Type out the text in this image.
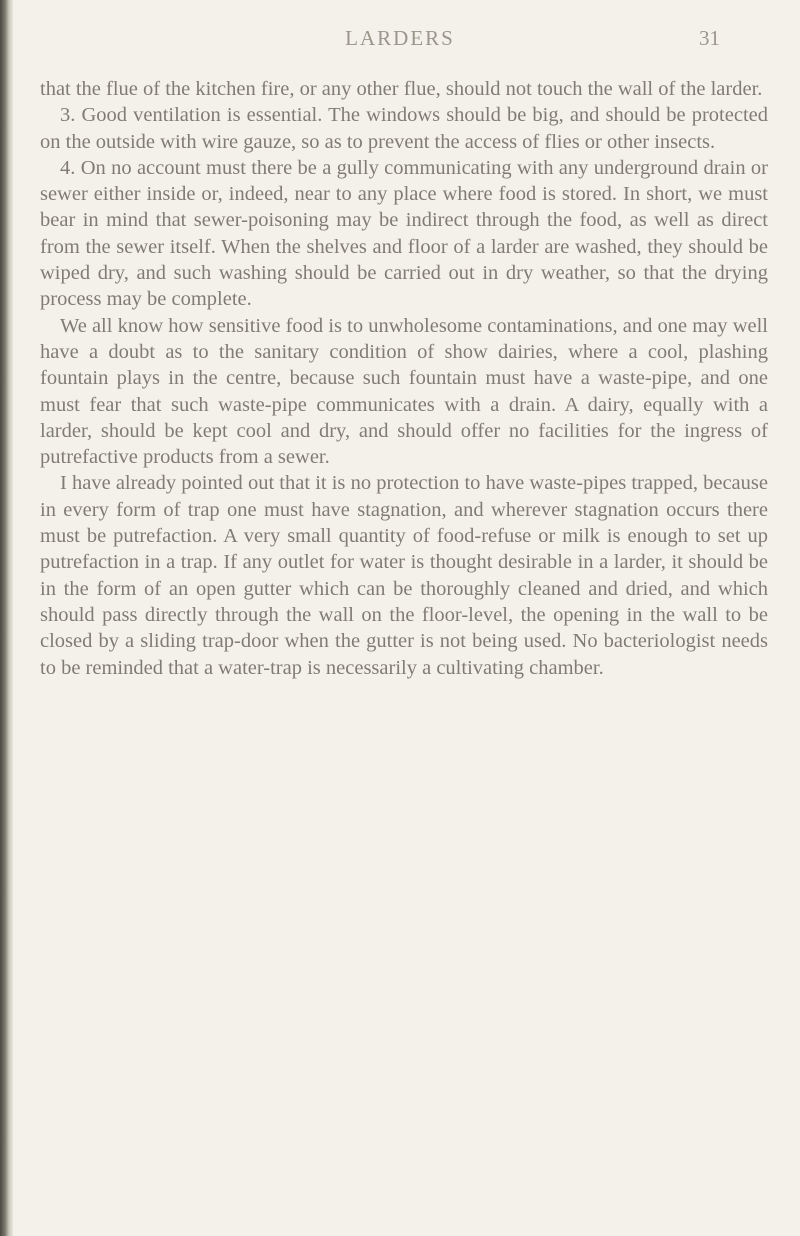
LARDERS	31

that the flue of the kitchen fire, or any other flue, should not touch the wall of the larder.

3. Good ventilation is essential. The windows should be big, and should be protected on the outside with wire gauze, so as to prevent the access of flies or other insects.

4. On no account must there be a gully communicating with any underground drain or sewer either inside or, indeed, near to any place where food is stored. In short, we must bear in mind that sewer-poisoning may be indirect through the food, as well as direct from the sewer itself. When the shelves and floor of a larder are washed, they should be wiped dry, and such washing should be carried out in dry weather, so that the drying process may be complete.

We all know how sensitive food is to unwholesome contaminations, and one may well have a doubt as to the sanitary condition of show dairies, where a cool, plashing fountain plays in the centre, because such fountain must have a waste-pipe, and one must fear that such waste-pipe communicates with a drain. A dairy, equally with a larder, should be kept cool and dry, and should offer no facilities for the ingress of putrefactive products from a sewer.

I have already pointed out that it is no protection to have waste-pipes trapped, because in every form of trap one must have stagnation, and wherever stagnation occurs there must be putrefaction. A very small quantity of food-refuse or milk is enough to set up putrefaction in a trap. If any outlet for water is thought desirable in a larder, it should be in the form of an open gutter which can be thoroughly cleaned and dried, and which should pass directly through the wall on the floor-level, the opening in the wall to be closed by a sliding trap-door when the gutter is not being used. No bacteriologist needs to be reminded that a water-trap is necessarily a cultivating chamber.
